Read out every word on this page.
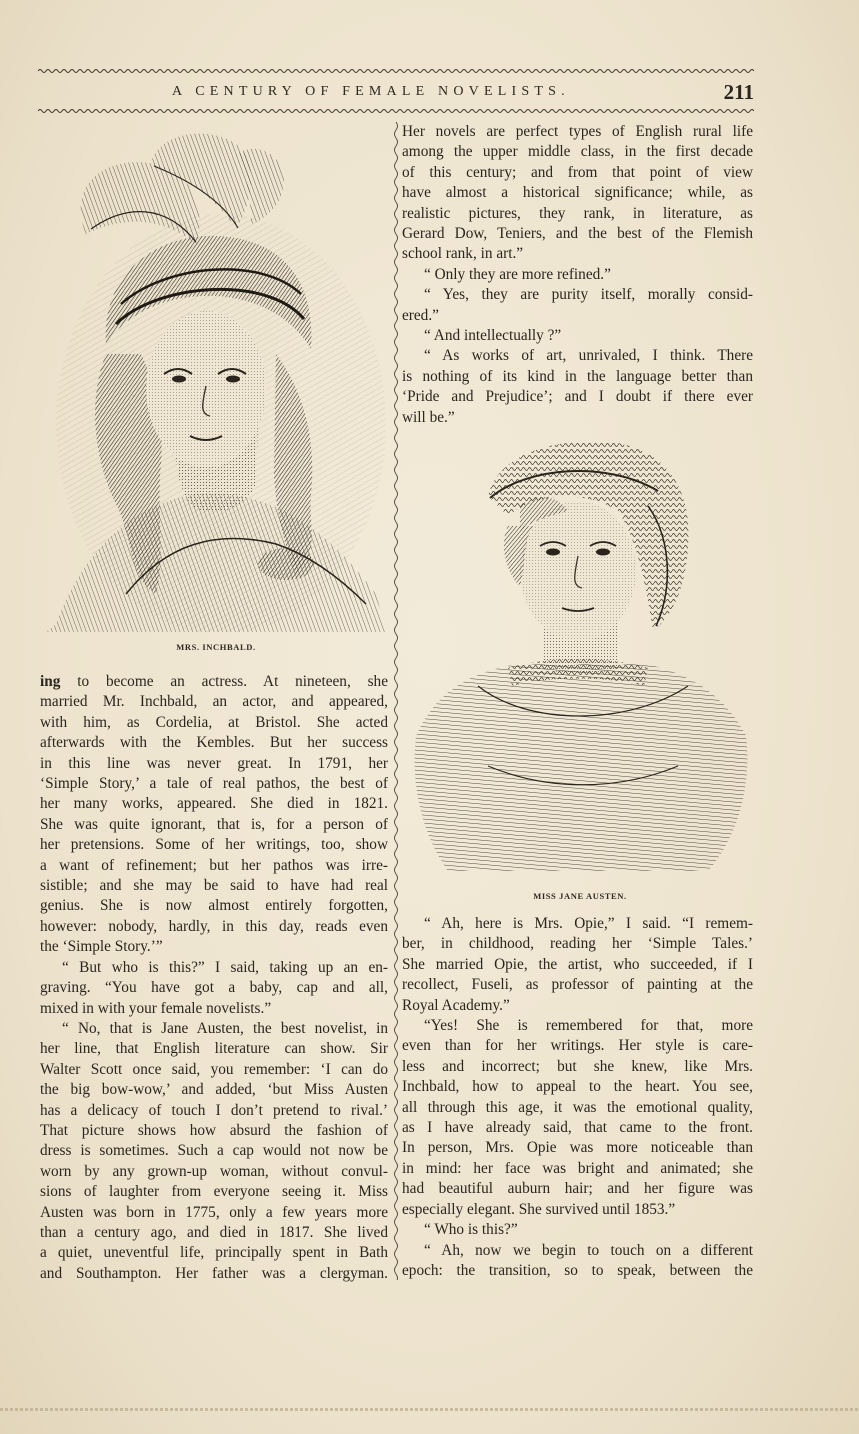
A CENTURY OF FEMALE NOVELISTS.	211
MRS. INCHBALD.
MISS JANE AUSTEN.

Her novels are perfect types of English rural life
among the upper middle class, in the first decade
of this century; and from that point of view
have almost a historical significance; while, as
realistic pictures, they rank, in literature, as
Gerard Dow, Teniers, and the best of the Flemish
school rank, in art.”

“ Only they are more refined.”

“ Yes, they are purity itself, morally consid-
ered.”

“ And intellectually ?”

“ As works of art, unrivaled, I think. There
is nothing of its kind in the language better than
‘Pride and Prejudice’; and I doubt if there ever
will be.”

ing to become an actress. At nineteen, she
married Mr. Inchbald, an actor, and appeared,
with him, as Cordelia, at Bristol. She acted
afterwards with the Kembles. But her success
in this line was never great. In 1791, her
‘Simple Story,’ a tale of real pathos, the best of
her many works, appeared. She died in 1821.
She was quite ignorant, that is, for a person of
her pretensions. Some of her writings, too, show
a want of refinement; but her pathos was irre-
sistible; and she may be said to have had real
genius. She is now almost entirely forgotten,
however: nobody, hardly, in this day, reads even
the ‘Simple Story.’”

“ But who is this?” I said, taking up an en-
graving. “You have got a baby, cap and all,
mixed in with your female novelists.”

“ No, that is Jane Austen, the best novelist, in
her line, that English literature can show. Sir
Walter Scott once said, you remember: ‘I can do
the big bow-wow,’ and added, ‘but Miss Austen
has a delicacy of touch I don’t pretend to rival.’
That picture shows how absurd the fashion of
dress is sometimes. Such a cap would not now be
worn by any grown-up woman, without convul-
sions of laughter from everyone seeing it. Miss
Austen was born in 1775, only a few years more
than a century ago, and died in 1817. She lived
a quiet, uneventful life, principally spent in Bath
and Southampton. Her father was a clergyman.

“ Ah, here is Mrs. Opie,” I said. “I remem-
ber, in childhood, reading her ‘Simple Tales.’
She married Opie, the artist, who succeeded, if I
recollect, Fuseli, as professor of painting at the
Royal Academy.”

“Yes! She is remembered for that, more
even than for her writings. Her style is care-
less and incorrect; but she knew, like Mrs.
Inchbald, how to appeal to the heart. You see,
all through this age, it was the emotional quality,
as I have already said, that came to the front.
In person, Mrs. Opie was more noticeable than
in mind: her face was bright and animated; she
had beautiful auburn hair; and her figure was
especially elegant. She survived until 1853.”

“ Who is this?”

“ Ah, now we begin to touch on a different
epoch: the transition, so to speak, between the
